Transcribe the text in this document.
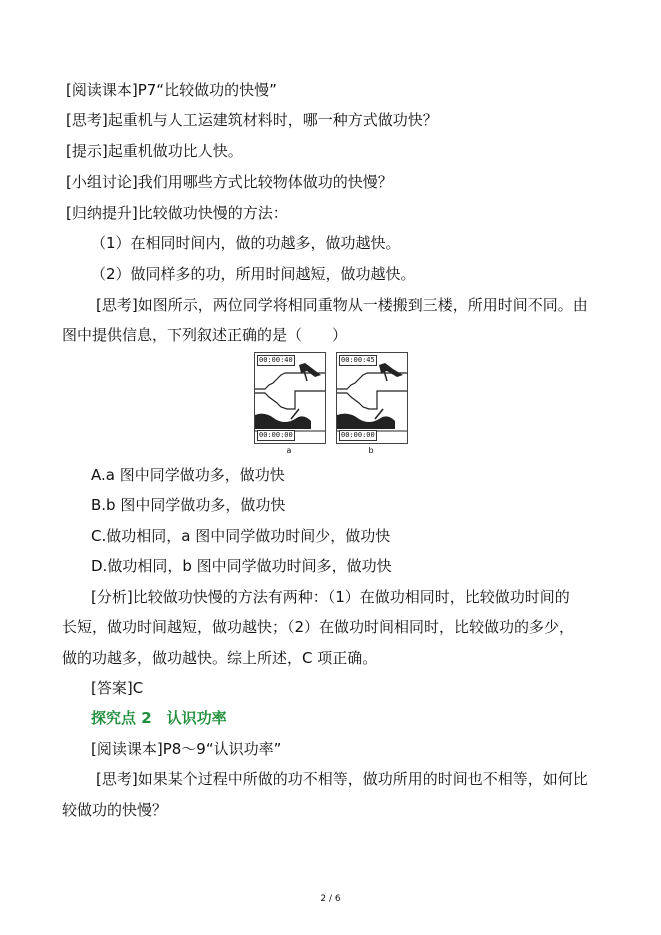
[阅读课本]P7“比较做功的快慢”
[思考]起重机与人工运建筑材料时，哪一种方式做功快？
[提示]起重机做功比人快。
[小组讨论]我们用哪些方式比较物体做功的快慢？
[归纳提升]比较做功快慢的方法：
（1）在相同时间内，做的功越多，做功越快。
（2）做同样多的功，所用时间越短，做功越快。
[思考]如图所示，两位同学将相同重物从一楼搬到三楼，所用时间不同。由
图中提供信息，下列叙述正确的是（　　）
00:00:40
00:00:00
00:00:45
00:00:00
a	b
A.a 图中同学做功多，做功快
B.b 图中同学做功多，做功快
C.做功相同，a 图中同学做功时间少，做功快
D.做功相同，b 图中同学做功时间多，做功快
[分析]比较做功快慢的方法有两种：（1）在做功相同时，比较做功时间的
长短，做功时间越短，做功越快；（2）在做功时间相同时，比较做功的多少，
做的功越多，做功越快。综上所述，C 项正确。
[答案]C
探究点 2　认识功率
[阅读课本]P8～9“认识功率”
[思考]如果某个过程中所做的功不相等，做功所用的时间也不相等，如何比
较做功的快慢？
2 / 6
